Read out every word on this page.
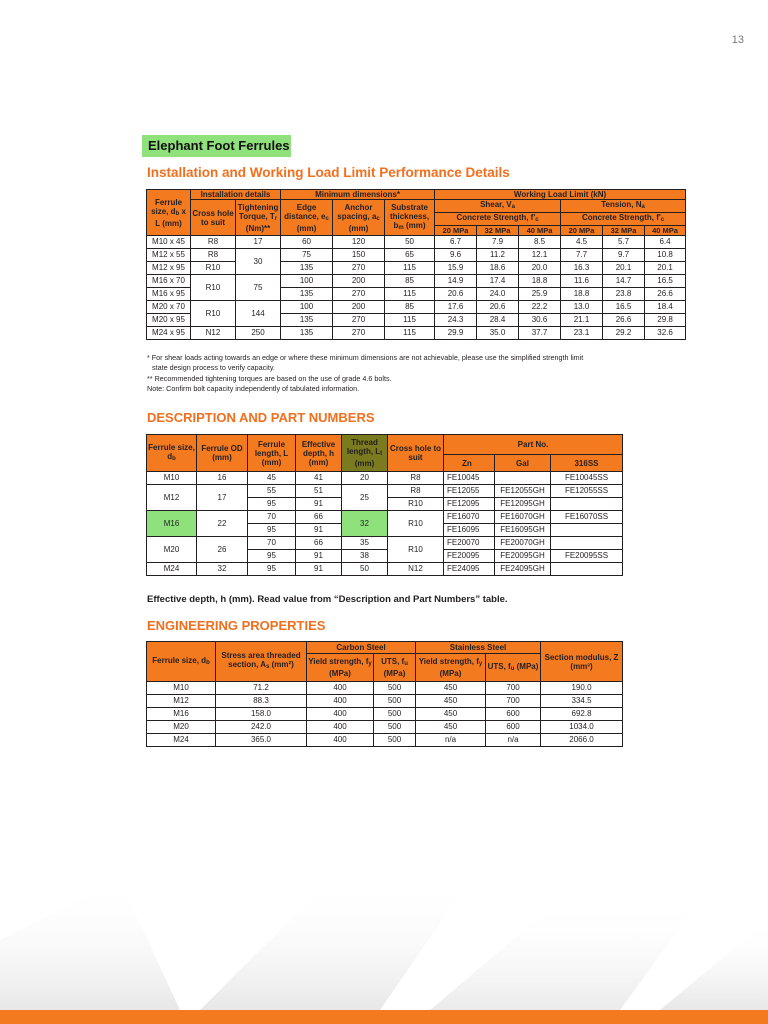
13
Elephant Foot Ferrules
Installation and Working Load Limit Performance Details
Ferrule size, $d_b$ x L (mm)	Installation details		Minimum dimensions*			Working Load Limit (kN)					
	Cross hole to suit	Tightening Torque, $T_r$ (Nm)**	Edge distance, $e_c$ (mm)	Anchor spacing, $a_c$ (mm)	Substrate thickness, $b_m$ (mm)	Shear, $V_a$			Tension, $N_a$
						Concrete Strength, $f'_c$			Concrete Strength, $f'_c$
						20 MPa	32 MPa	40 MPa	20 MPa	32 MPa	40 MPa
M10 x 45	R8	17	60	120	50	6.7	7.9	8.5	4.5	5.7	6.4
M12 x 55	R8	30	75	150	65	9.6	11.2	12.1	7.7	9.7	10.8
M12 x 95	R10		135	270	115	15.9	18.6	20.0	16.3	20.1	20.1
M16 x 70	R10	75	100	200	85	14.9	17.4	18.8	11.6	14.7	16.5
M16 x 95			135	270	115	20.6	24.0	25.9	18.8	23.8	26.6
M20 x 70	R10	144	100	200	85	17.6	20.6	22.2	13.0	16.5	18.4
M20 x 95			135	270	115	24.3	28.4	30.6	21.1	26.6	29.8
M24 x 95	N12	250	135	270	115	29.9	35.0	37.7	23.1	29.2	32.6
* For shear loads acting towards an edge or where these minimum dimensions are not achievable, please use the simplified strength limit
state design process to verify capacity.
** Recommended tightening torques are based on the use of grade 4.6 bolts.
Note: Confirm bolt capacity independently of tabulated information.
DESCRIPTION AND PART NUMBERS
Ferrule size, $d_b$	Ferrule OD (mm)	Ferrule length, L (mm)	Effective depth, h (mm)	Thread length, $L_t$ (mm)	Cross hole to suit	Part No.		
						Zn	Gal	316SS
M10	16	45	41	20	R8	FE10045		FE10045SS
M12	17	55	51	25	R8	FE12055	FE12055GH	FE12055SS
		95	91		R10	FE12095	FE12095GH	
M16	22	70	66	32	R10	FE16070	FE16070GH	FE16070SS
		95	91			FE16095	FE16095GH	
M20	26	70	66	35	R10	FE20070	FE20070GH	
		95	91	38		FE20095	FE20095GH	FE20095SS
M24	32	95	91	50	N12	FE24095	FE24095GH	
Effective depth, h (mm). Read value from “Description and Part Numbers” table.
ENGINEERING PROPERTIES
Ferrule size, $d_b$	Stress area threaded section, $A_s$ (mm²)	Carbon Steel		Stainless Steel		Section modulus, Z (mm³)
		Yield strength, $f_y$ (MPa)	UTS, $f_u$ (MPa)	Yield strength, $f_y$ (MPa)	UTS, $f_u$ (MPa)	
M10	71.2	400	500	450	700	190.0
M12	88.3	400	500	450	700	334.5
M16	158.0	400	500	450	600	692.8
M20	242.0	400	500	450	600	1034.0
M24	365.0	400	500	n/a	n/a	2066.0
